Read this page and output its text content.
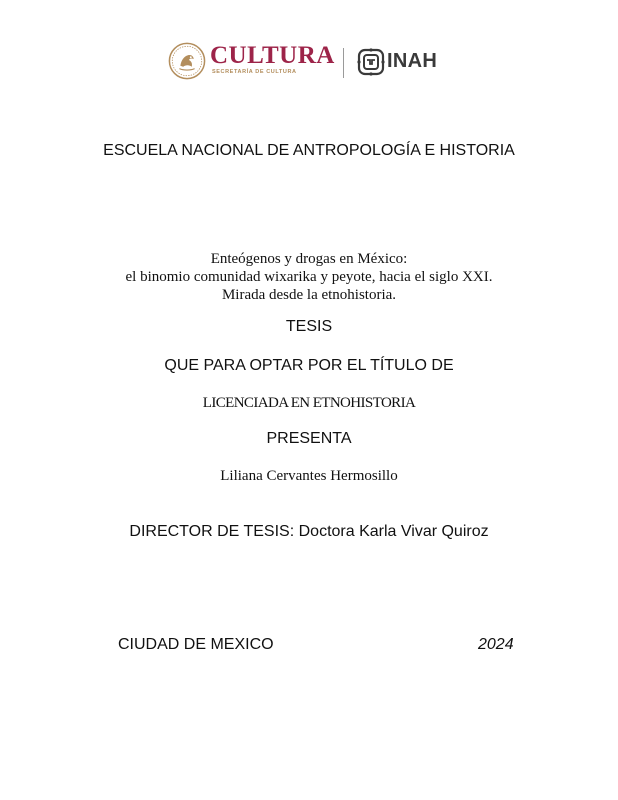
CULTURA
SECRETARÍA DE CULTURA	INAH
ESCUELA NACIONAL DE ANTROPOLOGÍA E HISTORIA
Enteógenos y drogas en México:
el binomio comunidad wixarika y peyote, hacia el siglo XXI.
Mirada desde la etnohistoria.
TESIS
QUE PARA OPTAR POR EL TÍTULO DE
LICENCIADA EN ETNOHISTORIA
PRESENTA
Liliana Cervantes Hermosillo
DIRECTOR DE TESIS: Doctora Karla Vivar Quiroz
CIUDAD DE MEXICO	2024
